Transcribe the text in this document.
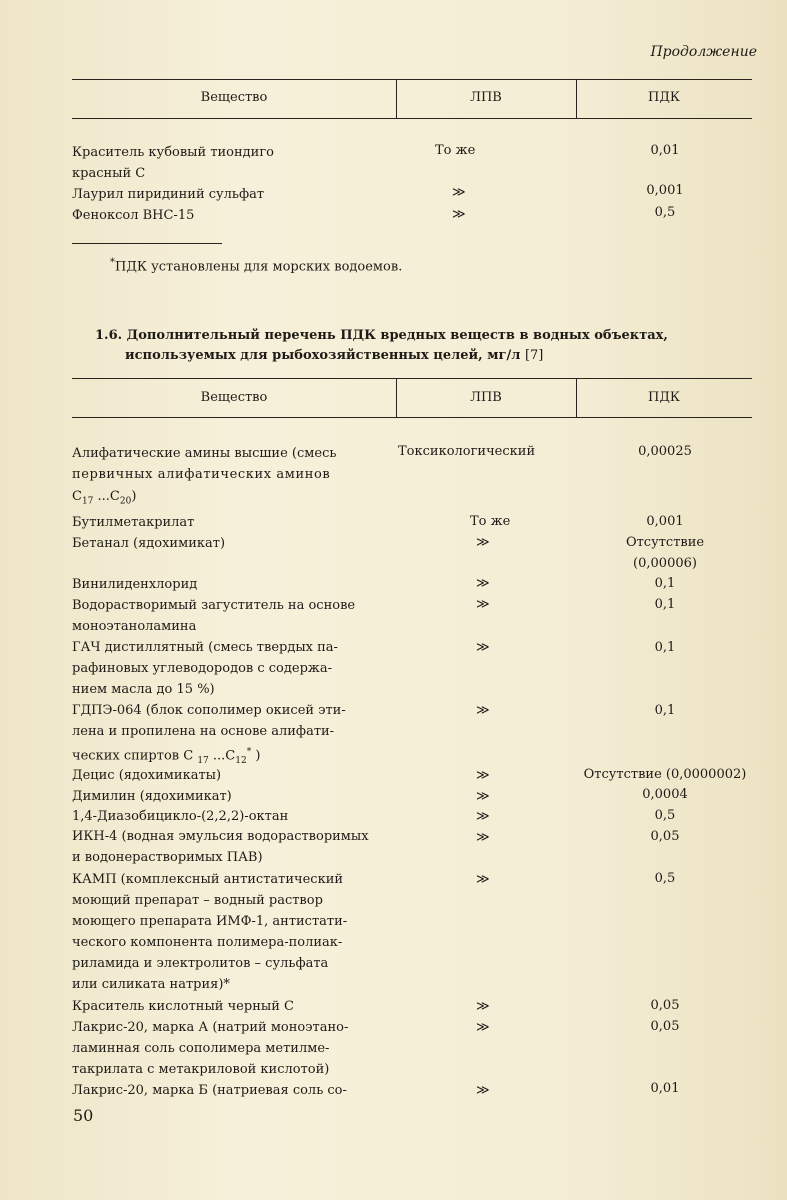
Продолжение
Вещество	ЛПВ	ПДК
Краситель кубовый тиондиго
красный С
То же	0,01
Лаурил пиридиний сульфат	≫	0,001
Феноксол ВНС-15	≫	0,5
*ПДК установлены для морских водоемов.
1.6. Дополнительный перечень ПДК вредных веществ в водных объектах,
используемых для рыбохозяйственных целей, мг/л [7]
Вещество	ЛПВ	ПДК
Алифатические амины высшие (смесь
первичных алифатических аминов
$C_{17}$ $...C_{20}$)
Токсикологический	0,00025
Бутилметакрилат	То же	0,001
Бетанал (ядохимикат)	≫	Отсутствие
(0,00006)
Винилиденхлорид	≫	0,1
Водорастворимый загуститель на основе
моноэтаноламина
≫	0,1
ГАЧ дистиллятный (смесь твердых па-
рафиновых углеводородов с содержа-
нием масла до 15 %)
≫	0,1
ГДПЭ-064 (блок сополимер окисей эти-
лена и пропилена на основе алифати-
ческих спиртов C $_{17}$ $...C_{12}^*$ )
≫	0,1
Децис (ядохимикаты)	≫	Отсутствие (0,0000002)
Димилин (ядохимикат)	≫	0,0004
1,4-Диазобицикло-(2,2,2)-октан	≫	0,5
ИКН-4 (водная эмульсия водорастворимых
и водонерастворимых ПАВ)
≫	0,05
КАМП (комплексный антистатический
моющий препарат – водный раствор
моющего препарата ИМФ-1, антистати-
ческого компонента полимера-полиак-
риламида и электролитов – сульфата
или силиката натрия)*
≫	0,5
Краситель кислотный черный С	≫	0,05
Лакрис-20, марка А (натрий моноэтано-
ламинная соль сополимера метилме-
такрилата с метакриловой кислотой)
≫	0,05
Лакрис-20, марка Б (натриевая соль со-	≫	0,01
50
